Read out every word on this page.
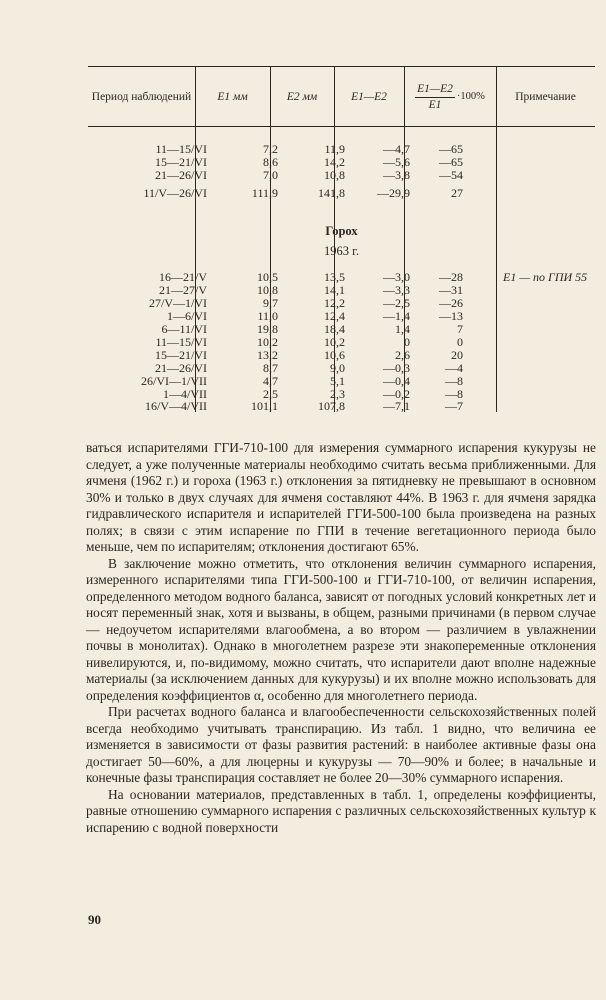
Период наблюдений E1 мм	E2 мм	E1—E2 $\frac{E1—E2}{E1} \cdot 100\%$	Примечание
11—15/VI	7,2	11,9	—4,7 —65
15—21/VI	8,6	14,2	—5,6 —65
21—26/VI	7,0	10,8	—3,8 —54
11/V—26/VI	111,9	141,8	—29,9	27
Горох
1963 г.
16—21/V	10,5	13,5	—3,0 —28	E1 — по ГПИ 55
21—27/V	10,8	14,1	—3,3 —31
27/V—1/VI	9,7	12,2	—2,5 —26
1—6/VI	11,0	12,4	—1,4 —13
6—11/VI	19,8	18,4	1,4	7
11—15/VI	10,2	10,2	0	0
15—21/VI	13,2	10,6	2,6	20
21—26/VI	8,7	9,0	—0,3	—4
26/VI—1/VII	4,7	5,1	—0,4	—8
1—4/VII	2,5	2,3	—0,2	—8
16/V—4/VII	101,1	107,8	—7,1	—7

ваться испарителями ГГИ-710-100 для измерения суммарного испарения кукурузы не следует, а уже полученные материалы необходимо считать весьма приближенными. Для ячменя (1962 г.) и гороха (1963 г.) отклонения за пятидневку не превышают в основном 30% и только в двух случаях для ячменя составляют 44%. В 1963 г. для ячменя зарядка гидравлического испарителя и испарителей ГГИ-500-100 была произведена на разных полях; в связи с этим испарение по ГПИ в течение вегетационного периода было меньше, чем по испарителям; отклонения достигают 65%.

В заключение можно отметить, что отклонения величин суммарного испарения, измеренного испарителями типа ГГИ-500-100 и ГГИ-710-100, от величин испарения, определенного методом водного баланса, зависят от погодных условий конкретных лет и носят переменный знак, хотя и вызваны, в общем, разными причинами (в первом случае — недоучетом испарителями влагообмена, а во втором — различием в увлажнении почвы в монолитах). Однако в многолетнем разрезе эти знакопеременные отклонения нивелируются, и, по-видимому, можно считать, что испарители дают вполне надежные материалы (за исключением данных для кукурузы) и их вполне можно использовать для определения коэффициентов α, особенно для многолетнего периода.

При расчетах водного баланса и влагообеспеченности сельскохозяйственных полей всегда необходимо учитывать транспирацию. Из табл. 1 видно, что величина ее изменяется в зависимости от фазы развития растений: в наиболее активные фазы она достигает 50—60%, а для люцерны и кукурузы — 70—90% и более; в начальные и конечные фазы транспирация составляет не более 20—30% суммарного испарения.

На основании материалов, представленных в табл. 1, определены коэффициенты, равные отношению суммарного испарения с различных сельскохозяйственных культур к испарению с водной поверхности

90
